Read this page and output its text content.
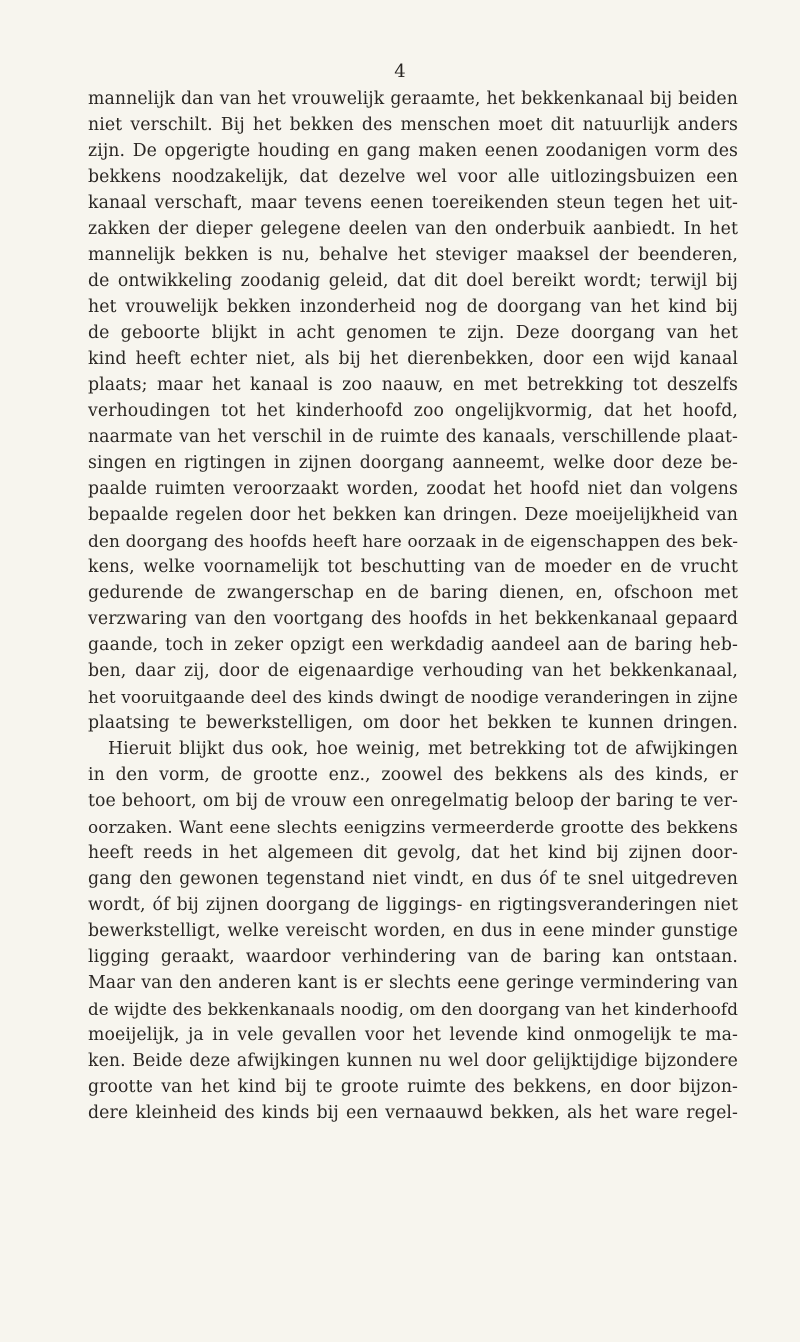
4
mannelijk dan van het vrouwelijk geraamte, het bekkenkanaal bij beiden
niet verschilt. Bij het bekken des menschen moet dit natuurlijk anders
zijn. De opgerigte houding en gang maken eenen zoodanigen vorm des
bekkens noodzakelijk, dat dezelve wel voor alle uitlozingsbuizen een
kanaal verschaft, maar tevens eenen toereikenden steun tegen het uit-
zakken der dieper gelegene deelen van den onderbuik aanbiedt. In het
mannelijk bekken is nu, behalve het steviger maaksel der beenderen,
de ontwikkeling zoodanig geleid, dat dit doel bereikt wordt; terwijl bij
het vrouwelijk bekken inzonderheid nog de doorgang van het kind bij
de geboorte blijkt in acht genomen te zijn. Deze doorgang van het
kind heeft echter niet, als bij het dierenbekken, door een wijd kanaal
plaats; maar het kanaal is zoo naauw, en met betrekking tot deszelfs
verhoudingen tot het kinderhoofd zoo ongelijkvormig, dat het hoofd,
naarmate van het verschil in de ruimte des kanaals, verschillende plaat-
singen en rigtingen in zijnen doorgang aanneemt, welke door deze be-
paalde ruimten veroorzaakt worden, zoodat het hoofd niet dan volgens
bepaalde regelen door het bekken kan dringen. Deze moeijelijkheid van
den doorgang des hoofds heeft hare oorzaak in de eigenschappen des bek-
kens, welke voornamelijk tot beschutting van de moeder en de vrucht
gedurende de zwangerschap en de baring dienen, en, ofschoon met
verzwaring van den voortgang des hoofds in het bekkenkanaal gepaard
gaande, toch in zeker opzigt een werkdadig aandeel aan de baring heb-
ben, daar zij, door de eigenaardige verhouding van het bekkenkanaal,
het vooruitgaande deel des kinds dwingt de noodige veranderingen in zijne
plaatsing te bewerkstelligen, om door het bekken te kunnen dringen.
Hieruit blijkt dus ook, hoe weinig, met betrekking tot de afwijkingen
in den vorm, de grootte enz., zoowel des bekkens als des kinds, er
toe behoort, om bij de vrouw een onregelmatig beloop der baring te ver-
oorzaken. Want eene slechts eenigzins vermeerderde grootte des bekkens
heeft reeds in het algemeen dit gevolg, dat het kind bij zijnen door-
gang den gewonen tegenstand niet vindt, en dus óf te snel uitgedreven
wordt, óf bij zijnen doorgang de liggings- en rigtingsveranderingen niet
bewerkstelligt, welke vereischt worden, en dus in eene minder gunstige
ligging geraakt, waardoor verhindering van de baring kan ontstaan.
Maar van den anderen kant is er slechts eene geringe vermindering van
de wijdte des bekkenkanaals noodig, om den doorgang van het kinderhoofd
moeijelijk, ja in vele gevallen voor het levende kind onmogelijk te ma-
ken. Beide deze afwijkingen kunnen nu wel door gelijktijdige bijzondere
grootte van het kind bij te groote ruimte des bekkens, en door bijzon-
dere kleinheid des kinds bij een vernaauwd bekken, als het ware regel-
